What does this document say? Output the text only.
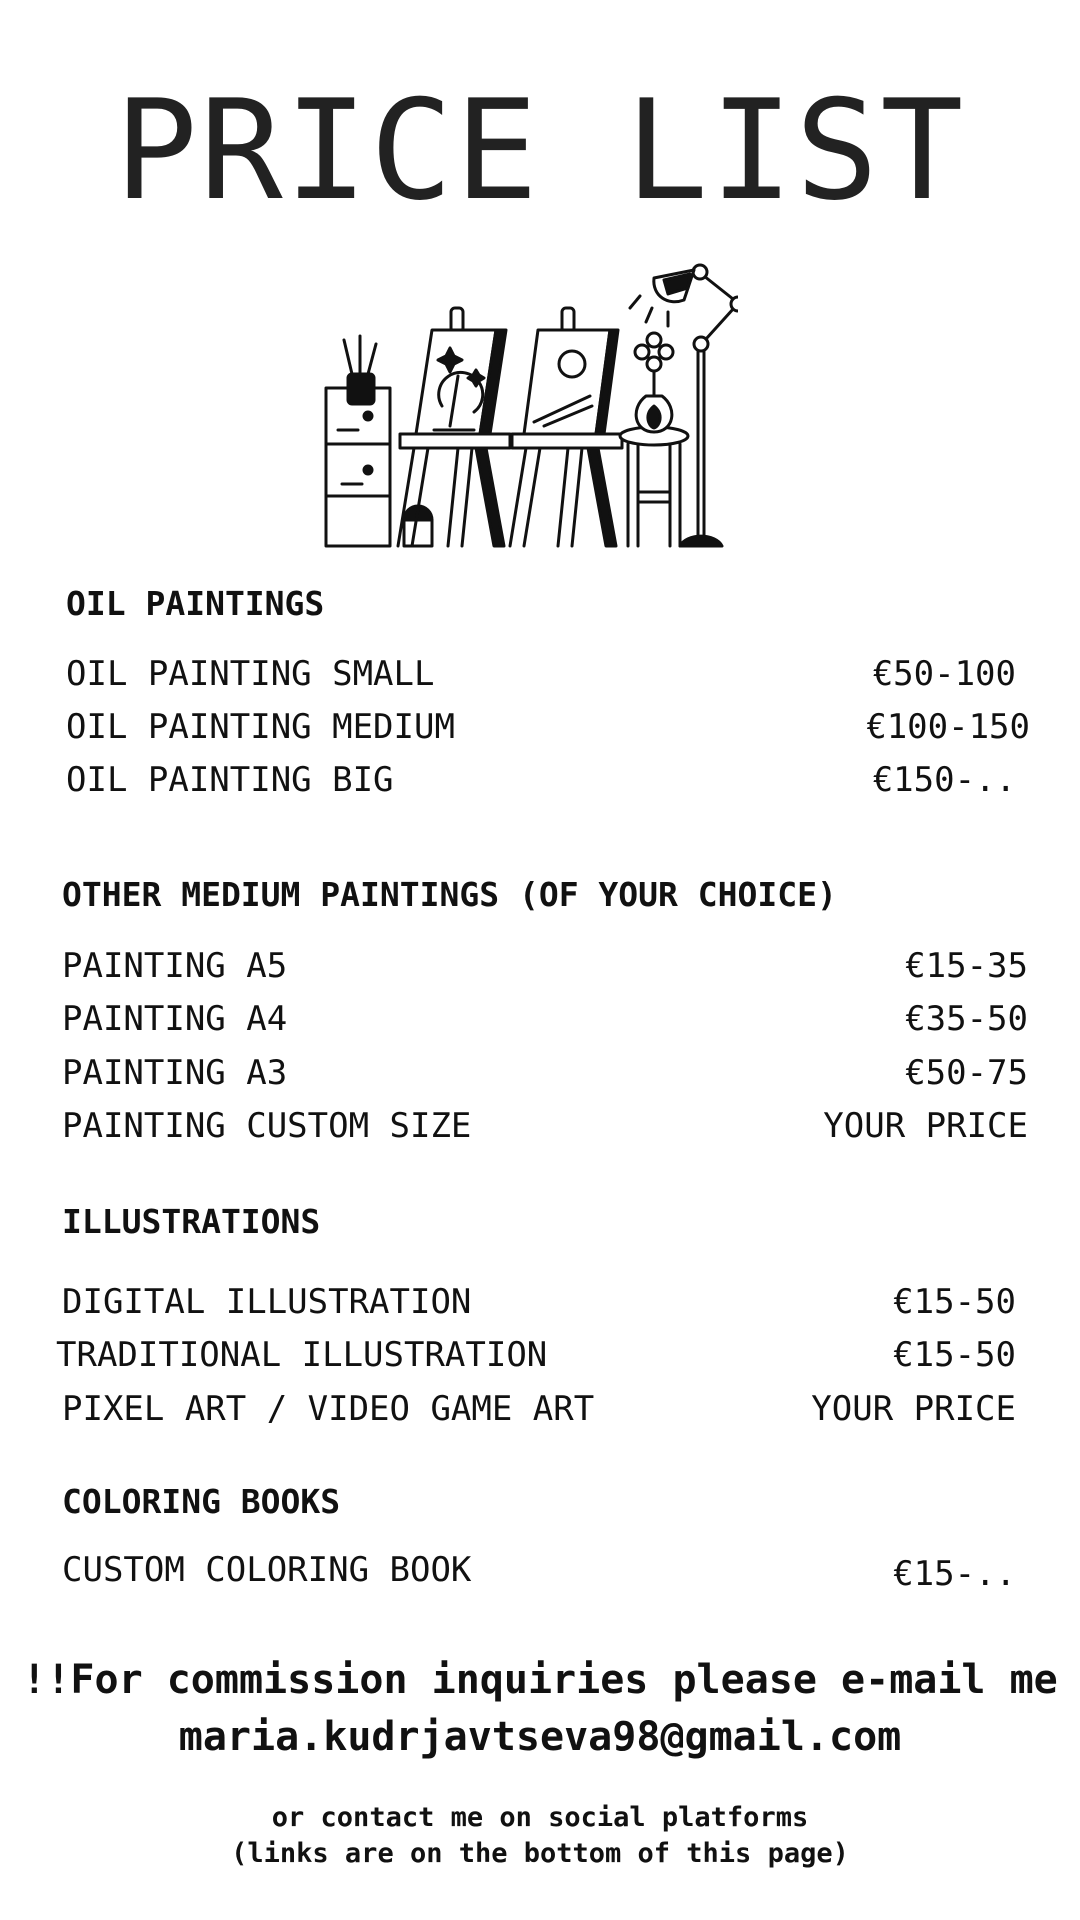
PRICE LIST
OIL PAINTINGS
OIL PAINTING SMALL	€50-100
OIL PAINTING MEDIUM	€100-150
OIL PAINTING BIG	€150-..
OTHER MEDIUM PAINTINGS (OF YOUR CHOICE)
PAINTING A5	€15-35
PAINTING A4	€35-50
PAINTING A3	€50-75
PAINTING CUSTOM SIZE	YOUR PRICE
ILLUSTRATIONS
DIGITAL ILLUSTRATION	€15-50
TRADITIONAL ILLUSTRATION	€15-50
PIXEL ART / VIDEO GAME ART	YOUR PRICE
COLORING BOOKS
CUSTOM COLORING BOOK	€15-..
!!For commission inquiries please e-mail me
maria.kudrjavtseva98@gmail.com
or contact me on social platforms
(links are on the bottom of this page)
